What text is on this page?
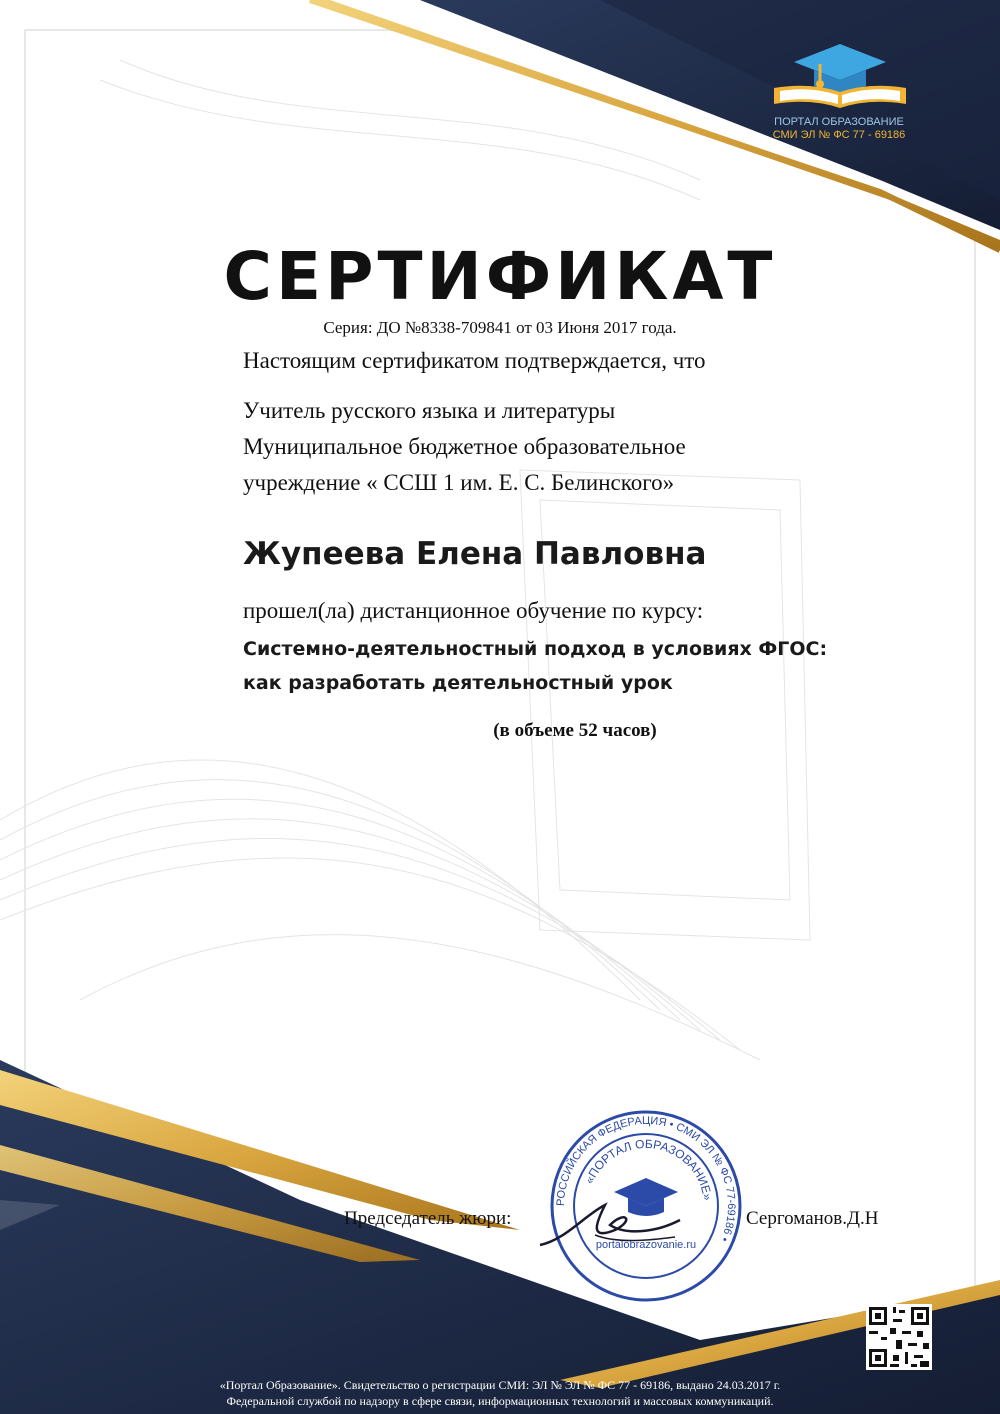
ПОРТАЛ ОБРАЗОВАНИЕ
СМИ ЭЛ № ФС 77 - 69186
СЕРТИФИКАТ
Серия: ДО №8338-709841 от 03 Июня 2017 года.
Настоящим сертификатом подтверждается, что
Учитель русского языка и литературы
Муниципальное бюджетное образовательное
учреждение « ССШ 1 им. Е. С. Белинского»
Жупеева Елена Павловна
прошел(ла) дистанционное обучение по курсу:
Системно-деятельностный подход в условиях ФГОС:
как разработать деятельностный урок
(в объеме 52 часов)
РОССИЙСКАЯ ФЕДЕРАЦИЯ • СМИ ЭЛ № ФС 77-69186 •
«ПОРТАЛ ОБРАЗОВАНИЕ»
portalobrazovanie.ru
Председатель жюри:	Сергоманов.Д.Н
«Портал Образование». Свидетельство о регистрации СМИ: ЭЛ № ЭЛ № ФС 77 - 69186, выдано 24.03.2017 г.
Федеральной службой по надзору в сфере связи, информационных технологий и массовых коммуникаций.
